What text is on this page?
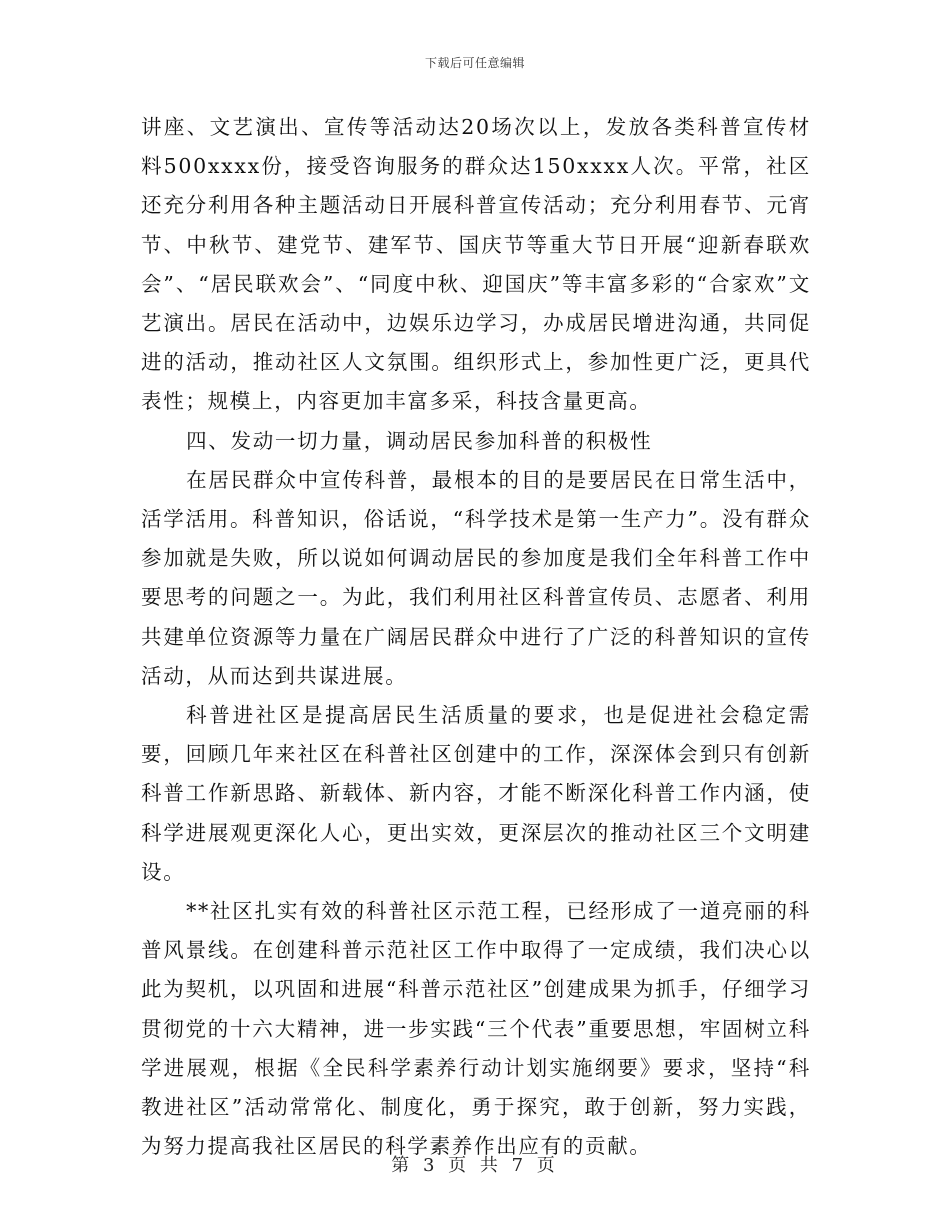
下载后可任意编辑

讲座、文艺演出、宣传等活动达20场次以上，发放各类科普宣传材料500xxxx份，接受咨询服务的群众达150xxxx人次。平常，社区还充分利用各种主题活动日开展科普宣传活动；充分利用春节、元宵节、中秋节、建党节、建军节、国庆节等重大节日开展“迎新春联欢会”、“居民联欢会”、“同度中秋、迎国庆”等丰富多彩的“合家欢”文艺演出。居民在活动中，边娱乐边学习，办成居民增进沟通，共同促进的活动，推动社区人文氛围。组织形式上，参加性更广泛，更具代表性；规模上，内容更加丰富多采，科技含量更高。

四、发动一切力量，调动居民参加科普的积极性

在居民群众中宣传科普，最根本的目的是要居民在日常生活中，活学活用。科普知识，俗话说，“科学技术是第一生产力”。没有群众参加就是失败，所以说如何调动居民的参加度是我们全年科普工作中要思考的问题之一。为此，我们利用社区科普宣传员、志愿者、利用共建单位资源等力量在广阔居民群众中进行了广泛的科普知识的宣传活动，从而达到共谋进展。

科普进社区是提高居民生活质量的要求，也是促进社会稳定需要，回顾几年来社区在科普社区创建中的工作，深深体会到只有创新科普工作新思路、新载体、新内容，才能不断深化科普工作内涵，使科学进展观更深化人心，更出实效，更深层次的推动社区三个文明建设。

**社区扎实有效的科普社区示范工程，已经形成了一道亮丽的科普风景线。在创建科普示范社区工作中取得了一定成绩，我们决心以此为契机，以巩固和进展“科普示范社区”创建成果为抓手，仔细学习贯彻党的十六大精神，进一步实践“三个代表”重要思想，牢固树立科学进展观，根据《全民科学素养行动计划实施纲要》要求，坚持“科教进社区”活动常常化、制度化，勇于探究，敢于创新，努力实践，为努力提高我社区居民的科学素养作出应有的贡献。

第 3 页 共 7 页
